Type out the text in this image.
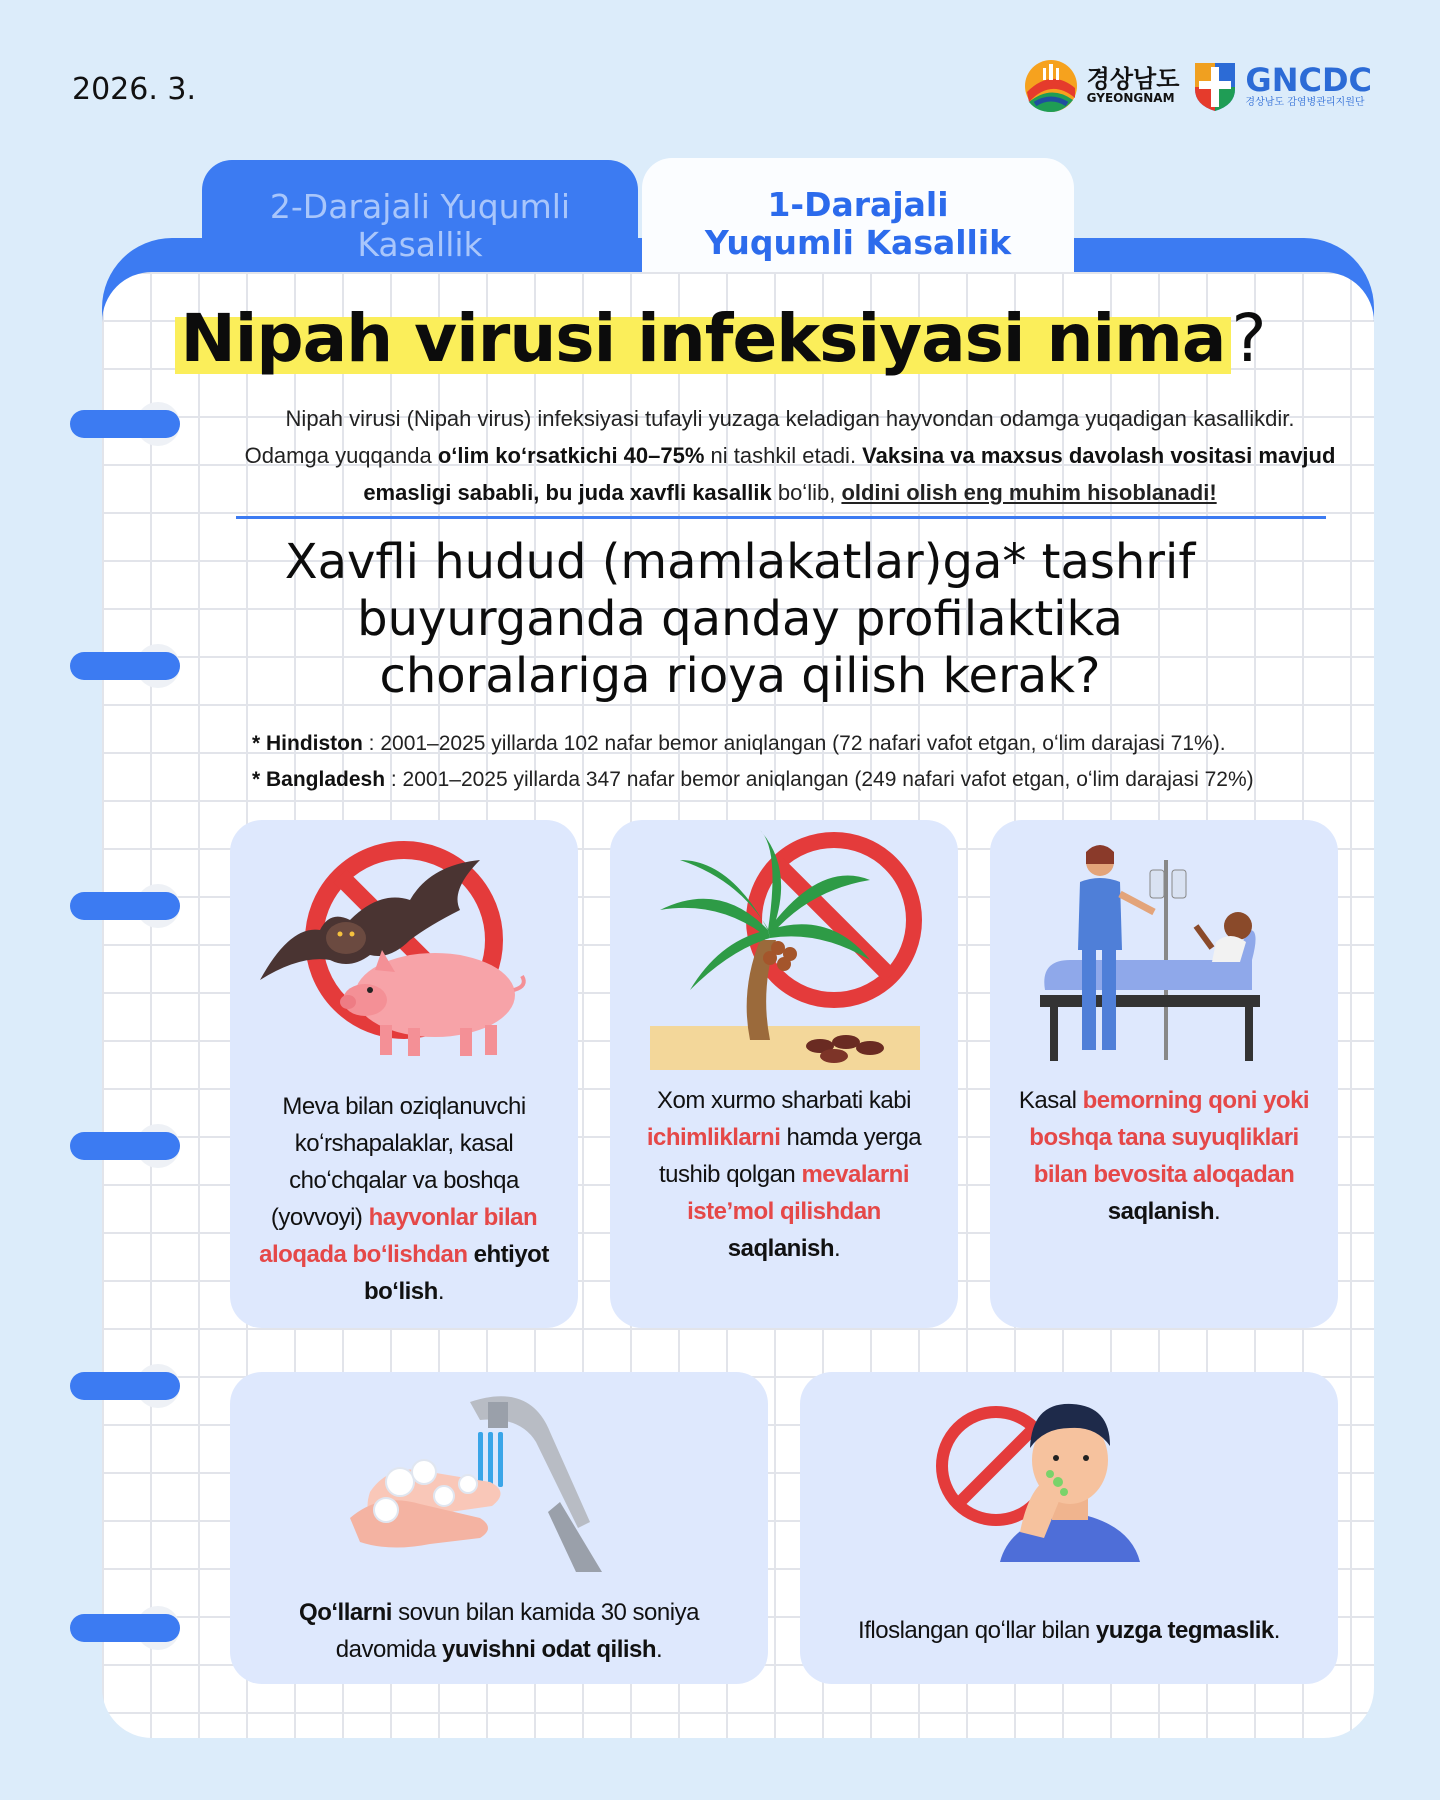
2026. 3.	경상남도
GYEONGNAM GNCDC
경상남도 감염병관리지원단
2-Darajali Yuqumli
Kasallik
1-Darajali
Yuqumli Kasallik
Nipah virusi infeksiyasi nima?
Nipah virusi (Nipah virus) infeksiyasi tufayli yuzaga keladigan hayvondan odamga yuqadigan kasallikdir.
Odamga yuqqanda oʻlim koʻrsatkichi 40–75% ni tashkil etadi. Vaksina va maxsus davolash vositasi mavjud emasligi sababli, bu juda xavfli kasallik boʻlib, oldini olish eng muhim hisoblanadi!
Xavfli hudud (mamlakatlar)ga* tashrif
buyurganda qanday profilaktika
choralariga rioya qilish kerak?
* Hindiston : 2001–2025 yillarda 102 nafar bemor aniqlangan (72 nafari vafot etgan, oʻlim darajasi 71%).
* Bangladesh : 2001–2025 yillarda 347 nafar bemor aniqlangan (249 nafari vafot etgan, oʻlim darajasi 72%)
Meva bilan oziqlanuvchi koʻrshapalaklar, kasal choʻchqalar va boshqa (yovvoyi) hayvonlar bilan aloqada boʻlishdan ehtiyot boʻlish.
Xom xurmo sharbati kabi ichimliklarni hamda yerga tushib qolgan mevalarni isteʼmol qilishdan saqlanish.
Kasal bemorning qoni yoki boshqa tana suyuqliklari bilan bevosita aloqadan saqlanish.
Qoʻllarni sovun bilan kamida 30 soniya davomida yuvishni odat qilish.
Ifloslangan qoʻllar bilan yuzga tegmaslik.
